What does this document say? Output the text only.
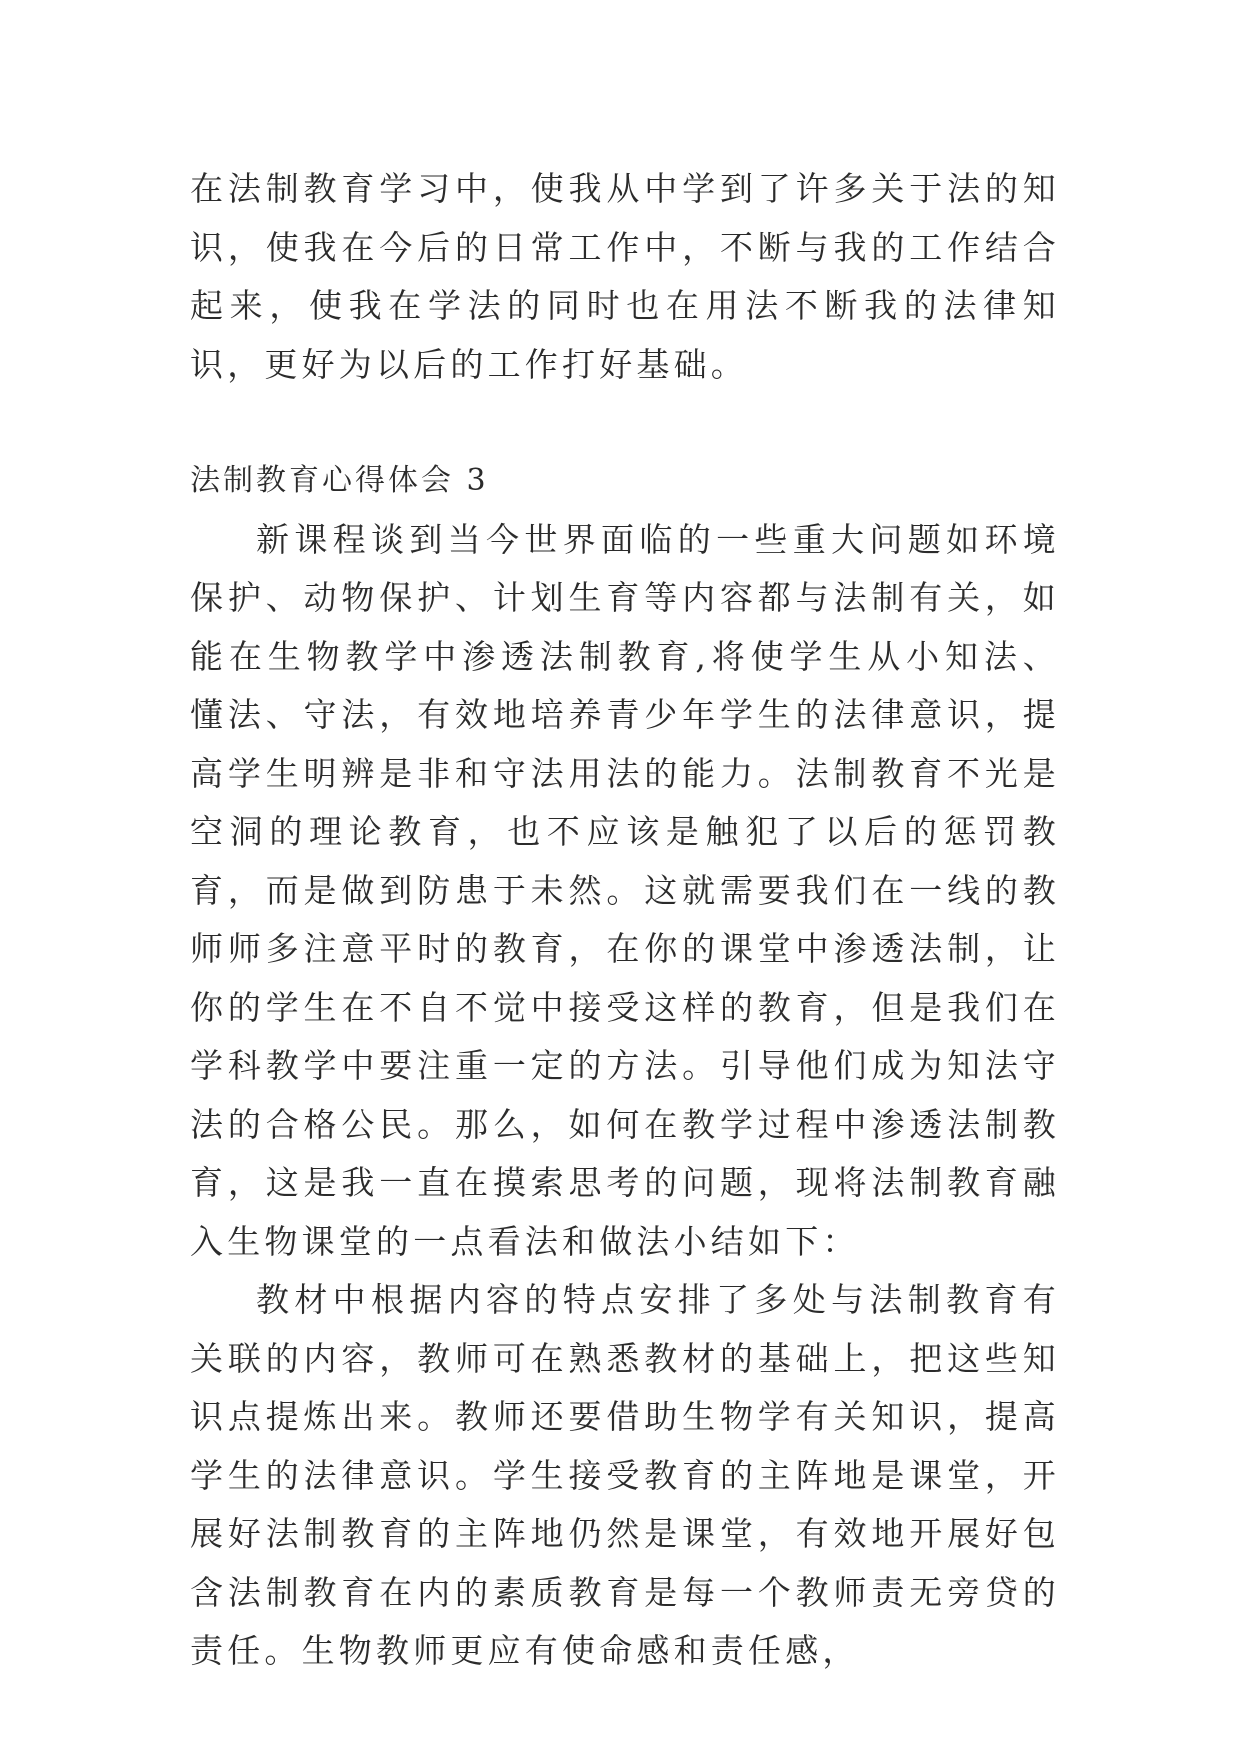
在法制教育学习中，使我从中学到了许多关于法的知识，使我在今后的日常工作中，不断与我的工作结合起来，使我在学法的同时也在用法不断我的法律知识，更好为以后的工作打好基础。

法制教育心得体会 3

新课程谈到当今世界面临的一些重大问题如环境保护、动物保护、计划生育等内容都与法制有关，如能在生物教学中渗透法制教育,将使学生从小知法、懂法、守法，有效地培养青少年学生的法律意识，提高学生明辨是非和守法用法的能力。法制教育不光是空洞的理论教育，也不应该是触犯了以后的惩罚教育，而是做到防患于未然。这就需要我们在一线的教师师多注意平时的教育，在你的课堂中渗透法制，让你的学生在不自不觉中接受这样的教育，但是我们在学科教学中要注重一定的方法。引导他们成为知法守法的合格公民。那么，如何在教学过程中渗透法制教育，这是我一直在摸索思考的问题，现将法制教育融入生物课堂的一点看法和做法小结如下：

教材中根据内容的特点安排了多处与法制教育有关联的内容，教师可在熟悉教材的基础上，把这些知识点提炼出来。教师还要借助生物学有关知识，提高学生的法律意识。学生接受教育的主阵地是课堂，开展好法制教育的主阵地仍然是课堂，有效地开展好包含法制教育在内的素质教育是每一个教师责无旁贷的责任。生物教师更应有使命感和责任感，
